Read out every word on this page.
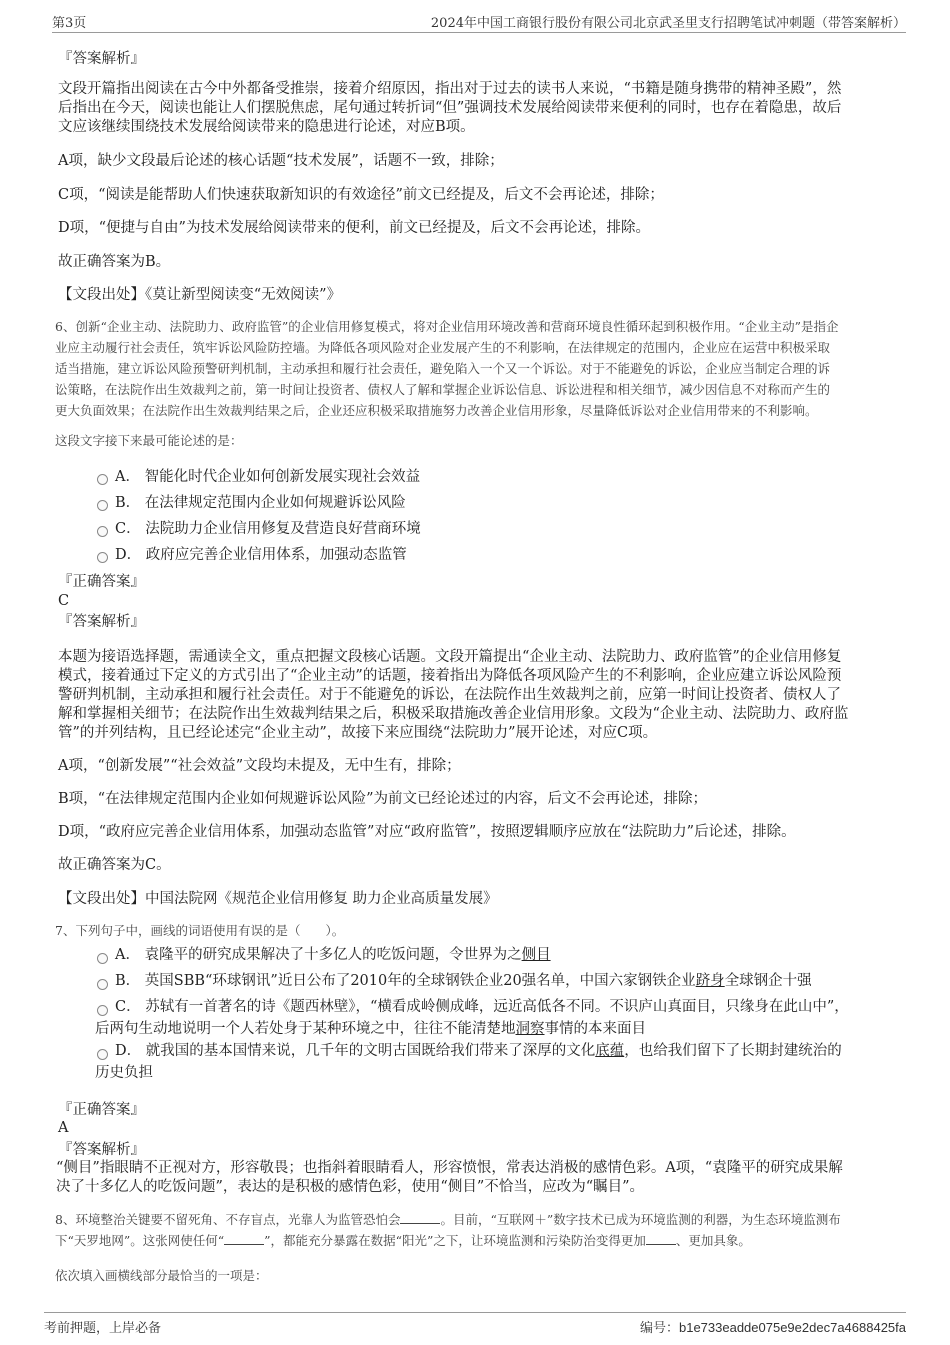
第3页	2024年中国工商银行股份有限公司北京武圣里支行招聘笔试冲刺题（带答案解析）
『答案解析』
文段开篇指出阅读在古今中外都备受推崇，接着介绍原因，指出对于过去的读书人来说，“书籍是随身携带的精神圣殿”，然
后指出在今天，阅读也能让人们摆脱焦虑，尾句通过转折词“但”强调技术发展给阅读带来便利的同时，也存在着隐患，故后
文应该继续围绕技术发展给阅读带来的隐患进行论述，对应B项。
A项，缺少文段最后论述的核心话题“技术发展”，话题不一致，排除；
C项，“阅读是能帮助人们快速获取新知识的有效途径”前文已经提及，后文不会再论述，排除；
D项，“便捷与自由”为技术发展给阅读带来的便利，前文已经提及，后文不会再论述，排除。
故正确答案为B。
【文段出处】《莫让新型阅读变“无效阅读”》
6、创新“企业主动、法院助力、政府监管”的企业信用修复模式，将对企业信用环境改善和营商环境良性循环起到积极作用。“企业主动”是指企
业应主动履行社会责任，筑牢诉讼风险防控墙。为降低各项风险对企业发展产生的不利影响，在法律规定的范围内，企业应在运营中积极采取
适当措施，建立诉讼风险预警研判机制，主动承担和履行社会责任，避免陷入一个又一个诉讼。对于不能避免的诉讼，企业应当制定合理的诉
讼策略，在法院作出生效裁判之前，第一时间让投资者、债权人了解和掌握企业诉讼信息、诉讼进程和相关细节，减少因信息不对称而产生的
更大负面效果；在法院作出生效裁判结果之后，企业还应积极采取措施努力改善企业信用形象，尽量降低诉讼对企业信用带来的不利影响。
这段文字接下来最可能论述的是：
A． 智能化时代企业如何创新发展实现社会效益
B． 在法律规定范围内企业如何规避诉讼风险
C． 法院助力企业信用修复及营造良好营商环境
D． 政府应完善企业信用体系，加强动态监管
『正确答案』
C
『答案解析』
本题为接语选择题，需通读全文，重点把握文段核心话题。文段开篇提出“企业主动、法院助力、政府监管”的企业信用修复
模式，接着通过下定义的方式引出了“企业主动”的话题，接着指出为降低各项风险产生的不利影响，企业应建立诉讼风险预
警研判机制，主动承担和履行社会责任。对于不能避免的诉讼，在法院作出生效裁判之前，应第一时间让投资者、债权人了
解和掌握相关细节；在法院作出生效裁判结果之后，积极采取措施改善企业信用形象。文段为“企业主动、法院助力、政府监
管”的并列结构，且已经论述完“企业主动”，故接下来应围绕“法院助力”展开论述，对应C项。
A项，“创新发展”“社会效益”文段均未提及，无中生有，排除；
B项，“在法律规定范围内企业如何规避诉讼风险”为前文已经论述过的内容，后文不会再论述，排除；
D项，“政府应完善企业信用体系，加强动态监管”对应“政府监管”，按照逻辑顺序应放在“法院助力”后论述，排除。
故正确答案为C。
【文段出处】中国法院网《规范企业信用修复 助力企业高质量发展》
7、下列句子中，画线的词语使用有误的是（　　）。
A． 袁隆平的研究成果解决了十多亿人的吃饭问题，令世界为之侧目
B． 英国SBB“环球钢讯”近日公布了2010年的全球钢铁企业20强名单，中国六家钢铁企业跻身全球钢企十强
C． 苏轼有一首著名的诗《题西林壁》，“横看成岭侧成峰，远近高低各不同。不识庐山真面目，只缘身在此山中”，
后两句生动地说明一个人若处身于某种环境之中，往往不能清楚地洞察事情的本来面目
D． 就我国的基本国情来说，几千年的文明古国既给我们带来了深厚的文化底蕴，也给我们留下了长期封建统治的
历史负担
『正确答案』
A
『答案解析』
“侧目”指眼睛不正视对方，形容敬畏；也指斜着眼睛看人，形容愤恨，常表达消极的感情色彩。A项，“袁隆平的研究成果解
决了十多亿人的吃饭问题”，表达的是积极的感情色彩，使用“侧目”不恰当，应改为“瞩目”。
8、环境整治关键要不留死角、不存盲点，光靠人为监管恐怕会	。目前，“互联网＋”数字技术已成为环境监测的利器，为生态环境监测布
下“天罗地网”。这张网使任何“	”，都能充分暴露在数据“阳光”之下，让环境监测和污染防治变得更加 、更加具象。
依次填入画横线部分最恰当的一项是：
考前押题，上岸必备	编号：b1e733eadde075e9e2dec7a4688425fa
